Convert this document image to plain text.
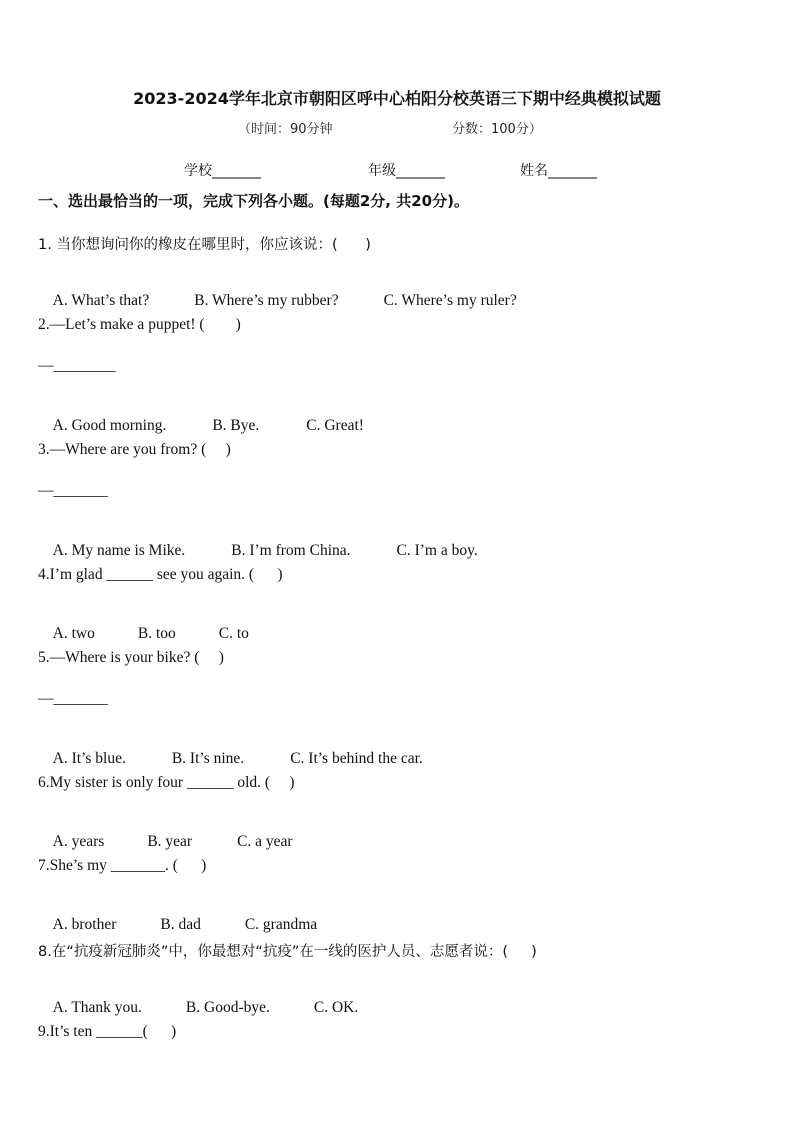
2023-2024学年北京市朝阳区呼中心柏阳分校英语三下期中经典模拟试题
（时间：90分钟	分数：100分）
学校_______	年级_______	姓名_______
一、选出最恰当的一项，完成下列各小题。(每题2分, 共20分)。
1. 当你想询问你的橡皮在哪里时，你应该说：(      )

A. What’s that?	B. Where’s my rubber?	C. Where’s my ruler?

2.—Let’s make a puppet! (        )
—________

A. Good morning.	B. Bye.	C. Great!

3.—Where are you from? (     )
—_______

A. My name is Mike.	B. I’m from China.	C. I’m a boy.

4.I’m glad ______ see you again. (      )

A. two	B. too	C. to

5.—Where is your bike? (     )
—_______

A. It’s blue.	B. It’s nine.	C. It’s behind the car.

6.My sister is only four ______ old. (     )

A. years	B. year	C. a year

7.She’s my _______. (      )

A. brother	B. dad	C. grandma

8.在“抗疫新冠肺炎”中，你最想对“抗疫”在一线的医护人员、志愿者说：(     )

A. Thank you.	B. Good-bye.	C. OK.

9.It’s ten ______(      )
